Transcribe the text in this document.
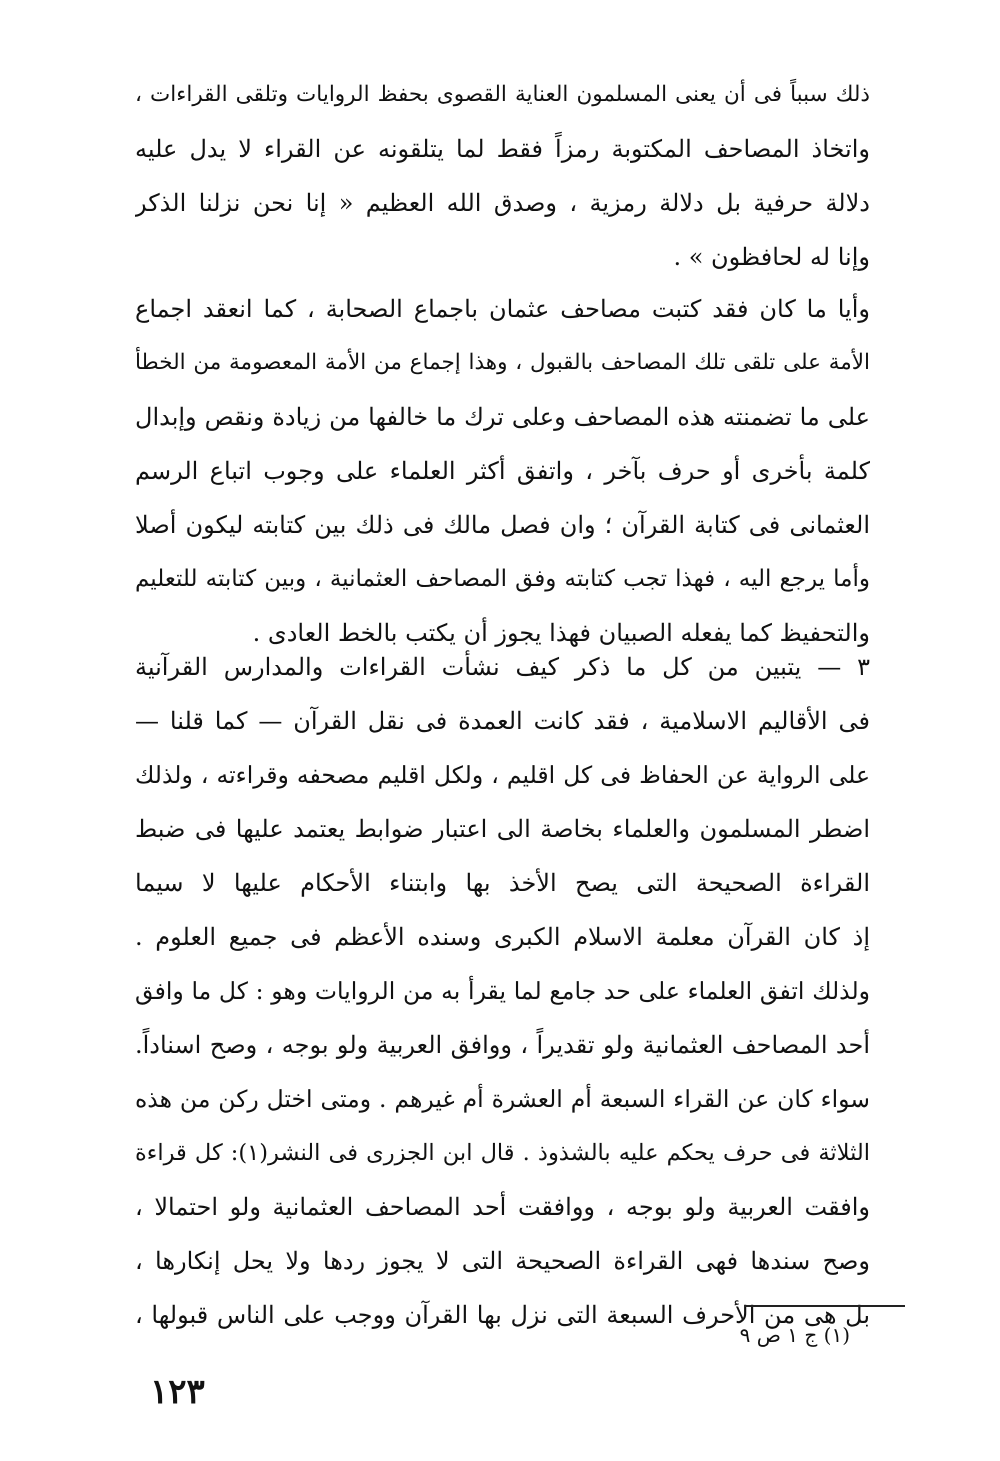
ذلك سبباً فى أن يعنى المسلمون العناية القصوى بحفظ الروايات وتلقى القراءات ،
واتخاذ المصاحف المكتوبة رمزاً فقط لما يتلقونه عن القراء لا يدل عليه
دلالة حرفية بل دلالة رمزية ، وصدق الله العظيم « إنا نحن نزلنا الذكر
وإنا له لحافظون » .
وأيا ما كان فقد كتبت مصاحف عثمان باجماع الصحابة ، كما انعقد اجماع
الأمة على تلقى تلك المصاحف بالقبول ، وهذا إجماع من الأمة المعصومة من الخطأ
على ما تضمنته هذه المصاحف وعلى ترك ما خالفها من زيادة ونقص وإبدال
كلمة بأخرى أو حرف بآخر ، واتفق أكثر العلماء على وجوب اتباع الرسم
العثمانى فى كتابة القرآن ؛ وان فصل مالك فى ذلك بين كتابته ليكون أصلا
وأما يرجع اليه ، فهذا تجب كتابته وفق المصاحف العثمانية ، وبين كتابته للتعليم
والتحفيظ كما يفعله الصبيان فهذا يجوز أن يكتب بالخط العادى .
٣ — يتبين من كل ما ذكر كيف نشأت القراءات والمدارس القرآنية
فى الأقاليم الاسلامية ، فقد كانت العمدة فى نقل القرآن — كما قلنا —
على الرواية عن الحفاظ فى كل اقليم ، ولكل اقليم مصحفه وقراءته ، ولذلك
اضطر المسلمون والعلماء بخاصة الى اعتبار ضوابط يعتمد عليها فى ضبط
القراءة الصحيحة التى يصح الأخذ بها وابتناء الأحكام عليها لا سيما
إذ كان القرآن معلمة الاسلام الكبرى وسنده الأعظم فى جميع العلوم .
ولذلك اتفق العلماء على حد جامع لما يقرأ به من الروايات وهو : كل ما وافق
أحد المصاحف العثمانية ولو تقديراً ، ووافق العربية ولو بوجه ، وصح اسناداً.
سواء كان عن القراء السبعة أم العشرة أم غيرهم . ومتى اختل ركن من هذه
الثلاثة فى حرف يحكم عليه بالشذوذ . قال ابن الجزرى فى النشر(١): كل قراءة
وافقت العربية ولو بوجه ، ووافقت أحد المصاحف العثمانية ولو احتمالا ،
وصح سندها فهى القراءة الصحيحة التى لا يجوز ردها ولا يحل إنكارها ،
بل هى من الأحرف السبعة التى نزل بها القرآن ووجب على الناس قبولها ،
(١) ج ١ ص ٩
١٢٣
